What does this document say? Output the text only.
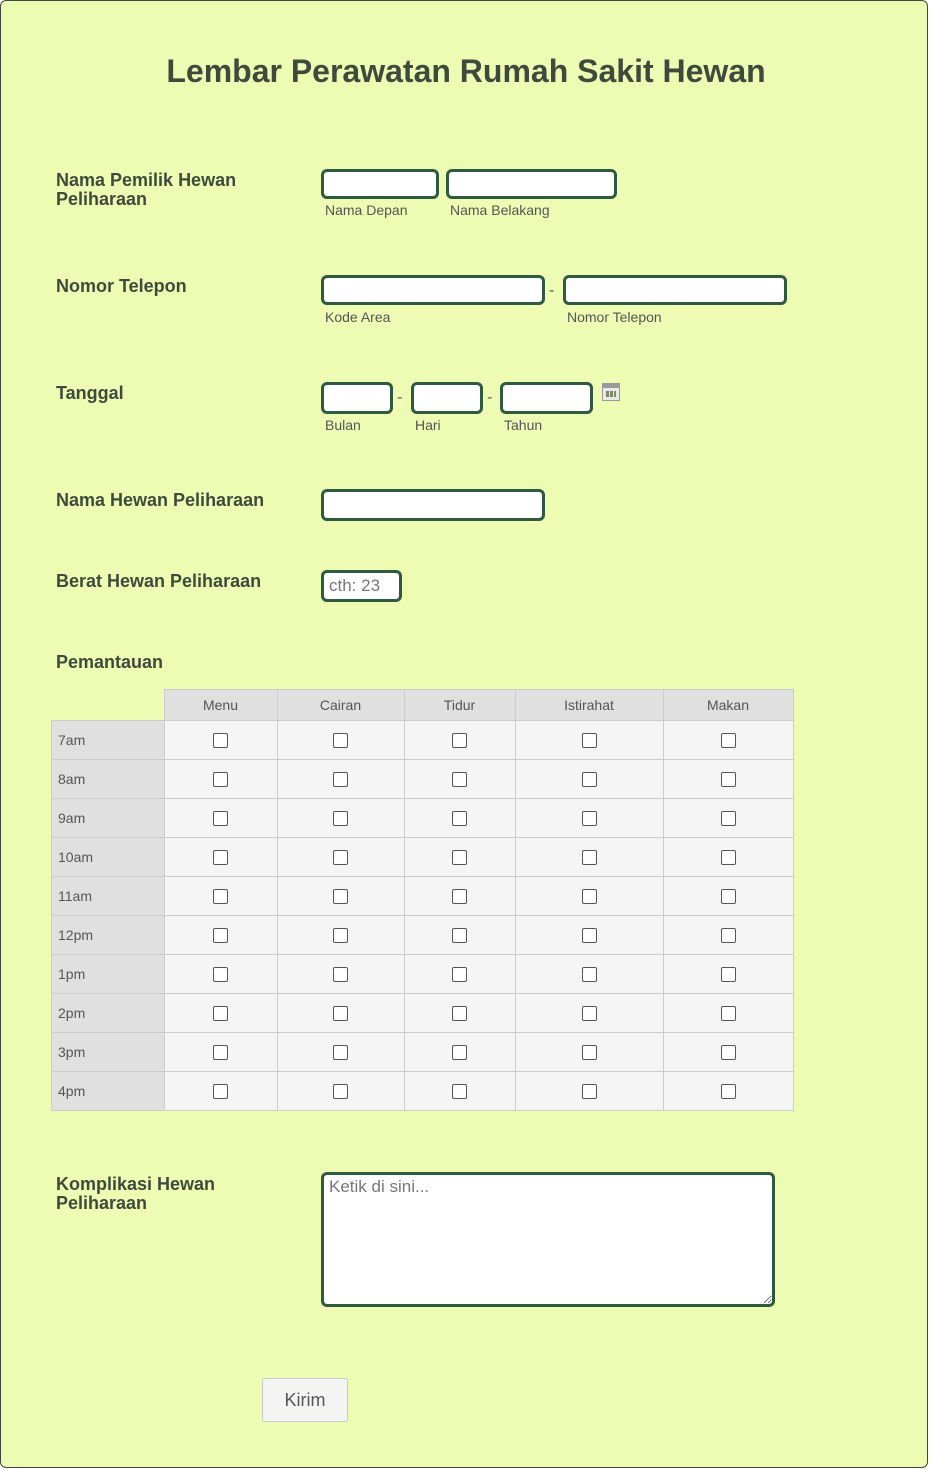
Lembar Perawatan Rumah Sakit Hewan
Nama Pemilik Hewan Peliharaan
Nama Depan	Nama Belakang
Nomor Telepon	-
Kode Area	Nomor Telepon
Tanggal	-	-
Bulan	Hari	Tahun
Nama Hewan Peliharaan
Berat Hewan Peliharaan
cth: 23
Pemantauan
	Menu	Cairan	Tidur	Istirahat	Makan
7am					
8am					
9am					
10am					
11am					
12pm					
1pm					
2pm					
3pm					
4pm					
Komplikasi Hewan Peliharaan
Ketik di sini...
Kirim
